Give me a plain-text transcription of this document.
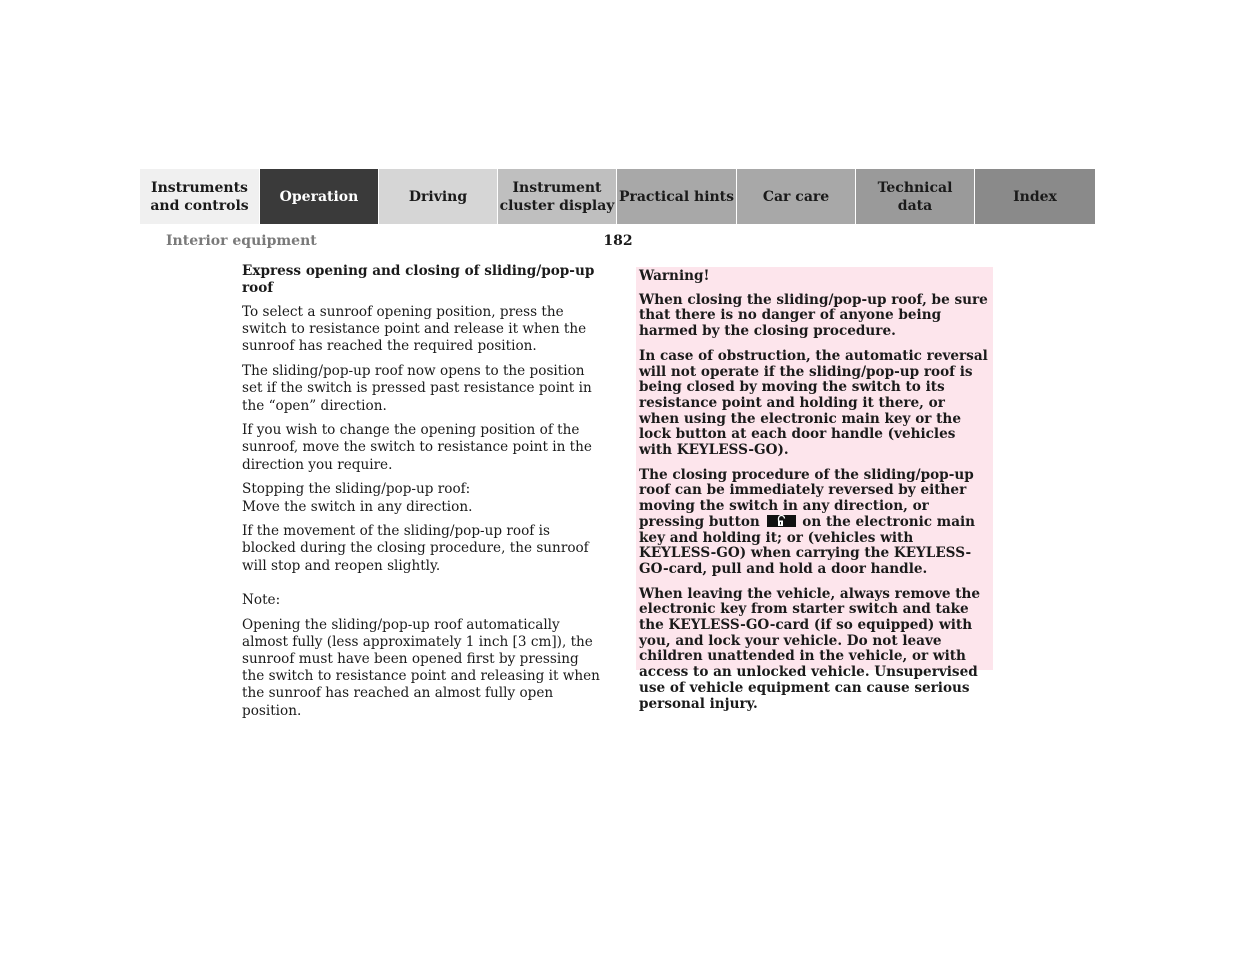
Instruments
and controls
Operation	Driving
Instrument
cluster display
Practical hints Car care
Technical
data
Index
Interior equipment	182
Express opening and closing of sliding/pop-up roof

To select a sunroof opening position, press the switch to resistance point and release it when the sunroof has reached the required position.

The sliding/pop-up roof now opens to the position set if the switch is pressed past resistance point in the “open” direction.

If you wish to change the opening position of the sunroof, move the switch to resistance point in the direction you require.

Stopping the sliding/pop-up roof:
Move the switch in any direction.

If the movement of the sliding/pop-up roof is blocked during the closing procedure, the sunroof will stop and reopen slightly.

Note:

Opening the sliding/pop-up roof automatically almost fully (less approximately 1 inch [3 cm]), the sunroof must have been opened first by pressing the switch to resistance point and releasing it when the sunroof has reached an almost fully open position.

Warning!

When closing the sliding/pop-up roof, be sure that there is no danger of anyone being harmed by the closing procedure.

In case of obstruction, the automatic reversal will not operate if the sliding/pop-up roof is being closed by moving the switch to its resistance point and holding it there, or when using the electronic main key or the lock button at each door handle (vehicles with KEYLESS-GO).

The closing procedure of the sliding/pop-up roof can be immediately reversed by either moving the switch in any direction, or pressing button	on the electronic main key and holding it; or (vehicles with KEYLESS-GO) when carrying the KEYLESS-GO-card, pull and hold a door handle.

When leaving the vehicle, always remove the electronic key from starter switch and take the KEYLESS-GO-card (if so equipped) with you, and lock your vehicle. Do not leave children unattended in the vehicle, or with access to an unlocked vehicle. Unsupervised use of vehicle equipment can cause serious personal injury.
